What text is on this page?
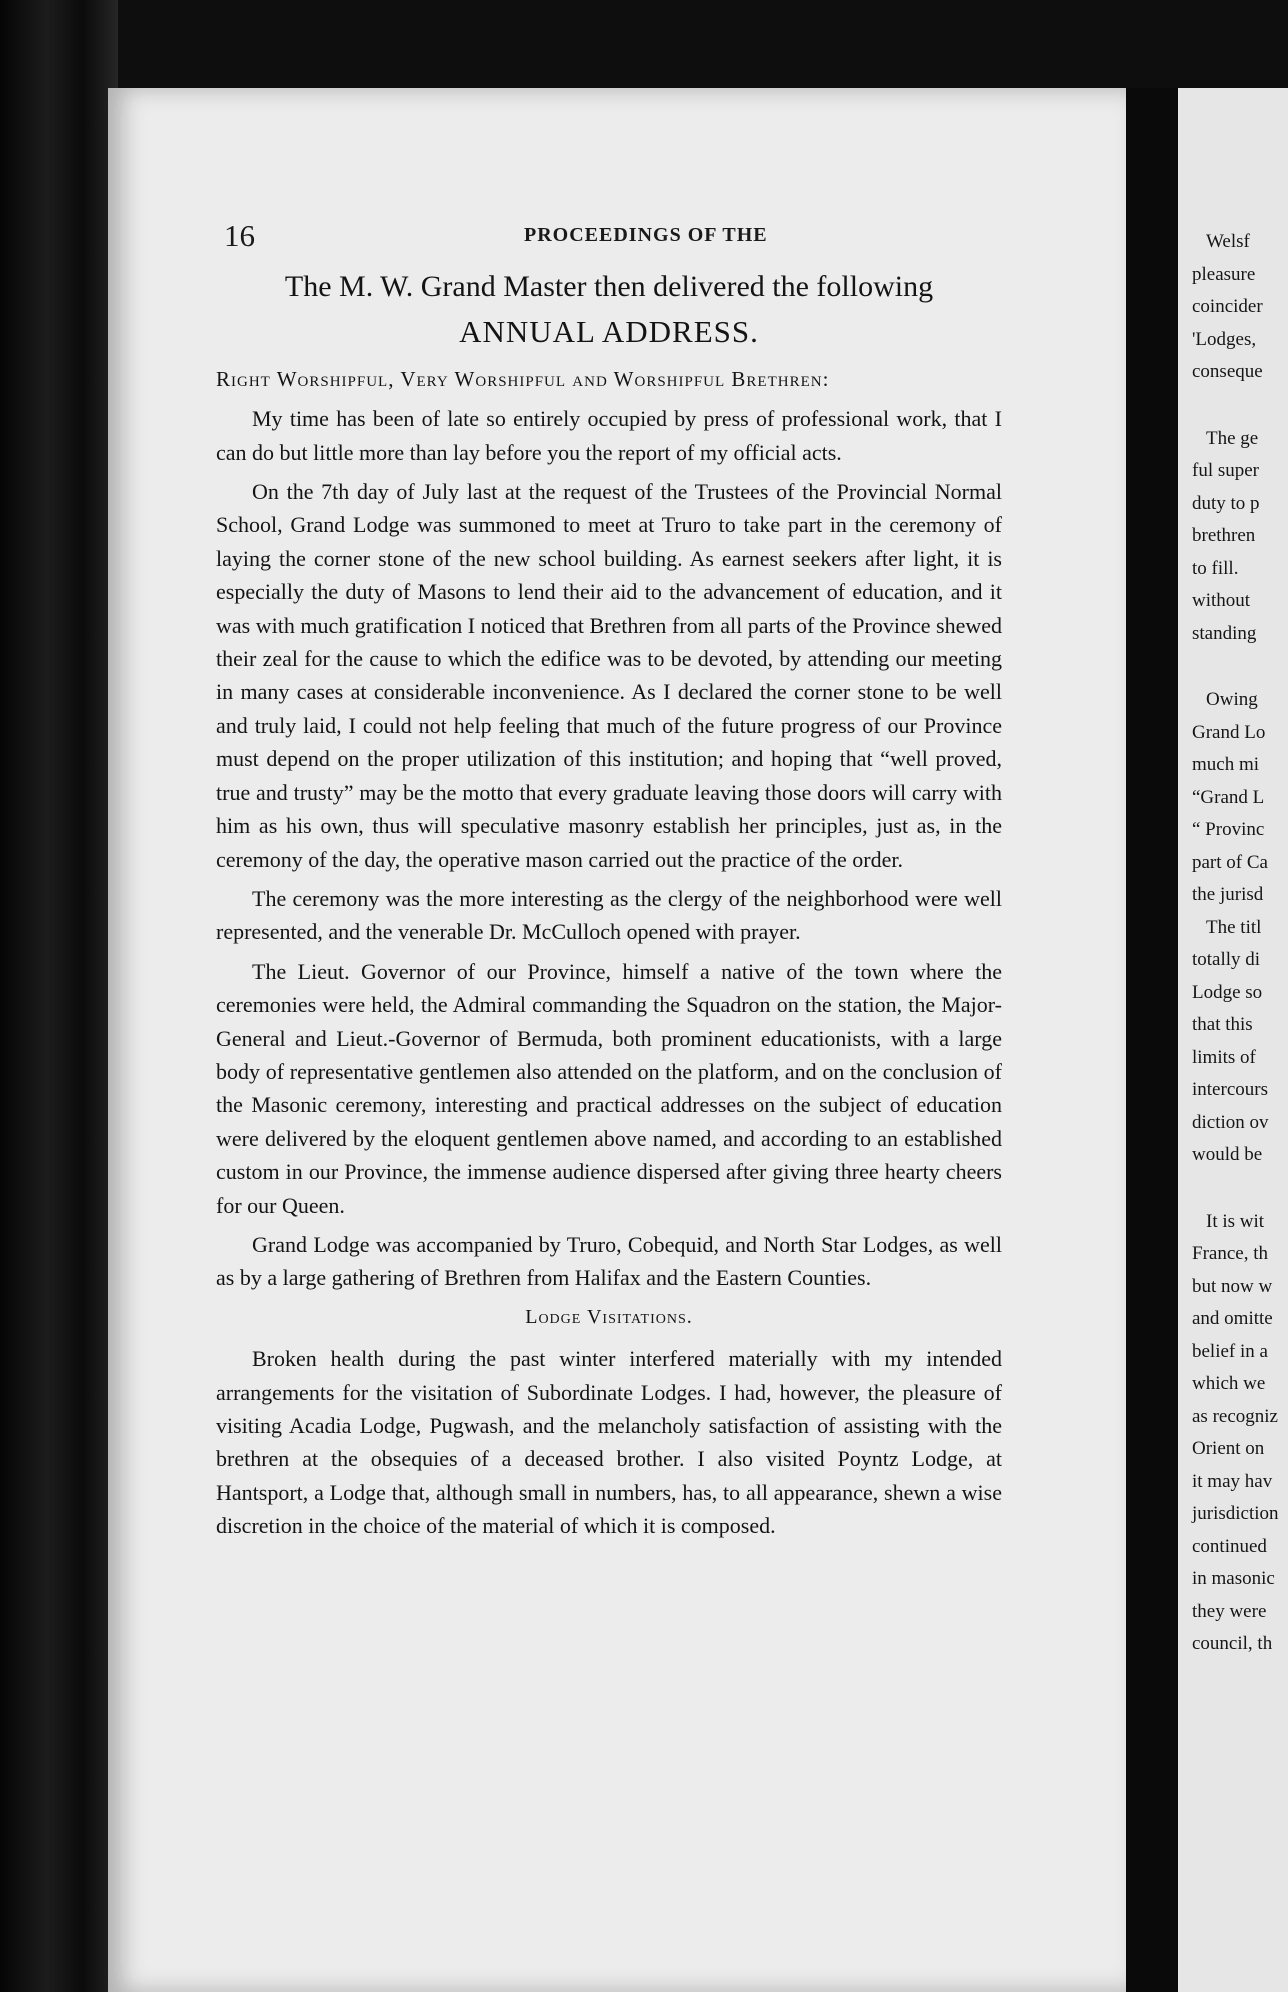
16	PROCEEDINGS OF THE

The M. W. Grand Master then delivered the following

ANNUAL ADDRESS.

Right Worshipful, Very Worshipful and Worshipful Brethren:

My time has been of late so entirely occupied by press of professional work, that I can do but little more than lay before you the report of my official acts.

On the 7th day of July last at the request of the Trustees of the Provincial Normal School, Grand Lodge was summoned to meet at Truro to take part in the ceremony of laying the corner stone of the new school building. As earnest seekers after light, it is especially the duty of Masons to lend their aid to the advancement of education, and it was with much gratification I noticed that Brethren from all parts of the Province shewed their zeal for the cause to which the edifice was to be devoted, by attending our meeting in many cases at considerable inconvenience. As I declared the corner stone to be well and truly laid, I could not help feeling that much of the future progress of our Province must depend on the proper utilization of this institution; and hoping that “well proved, true and trusty” may be the motto that every graduate leaving those doors will carry with him as his own, thus will speculative masonry establish her principles, just as, in the ceremony of the day, the operative mason carried out the practice of the order.

The ceremony was the more interesting as the clergy of the neighborhood were well represented, and the venerable Dr. McCulloch opened with prayer.

The Lieut. Governor of our Province, himself a native of the town where the ceremonies were held, the Admiral commanding the Squadron on the station, the Major-General and Lieut.-Governor of Bermuda, both prominent educationists, with a large body of representative gentlemen also attended on the platform, and on the conclusion of the Masonic ceremony, interesting and practical addresses on the subject of education were delivered by the eloquent gentlemen above named, and according to an established custom in our Province, the immense audience dispersed after giving three hearty cheers for our Queen.

Grand Lodge was accompanied by Truro, Cobequid, and North Star Lodges, as well as by a large gathering of Brethren from Halifax and the Eastern Counties.

Lodge Visitations.

Broken health during the past winter interfered materially with my intended arrangements for the visitation of Subordinate Lodges. I had, however, the pleasure of visiting Acadia Lodge, Pugwash, and the melancholy satisfaction of assisting with the brethren at the obsequies of a deceased brother. I also visited Poyntz Lodge, at Hantsport, a Lodge that, although small in numbers, has, to all appearance, shewn a wise discretion in the choice of the material of which it is composed.

Welsf
pleasure
coincider
'Lodges,
conseque
The ge
ful super
duty to p
brethren
to fill.
without
standing
Owing
Grand Lo
much mi
“Grand L
“ Provinc
part of Ca
the jurisd
The titl
totally di
Lodge so
that this
limits of
intercours
diction ov
would be
It is wit
France, th
but now w
and omitte
belief in a
which we
as recogniz
Orient on
it may hav
jurisdiction
continued
in masonic
they were
council, th
